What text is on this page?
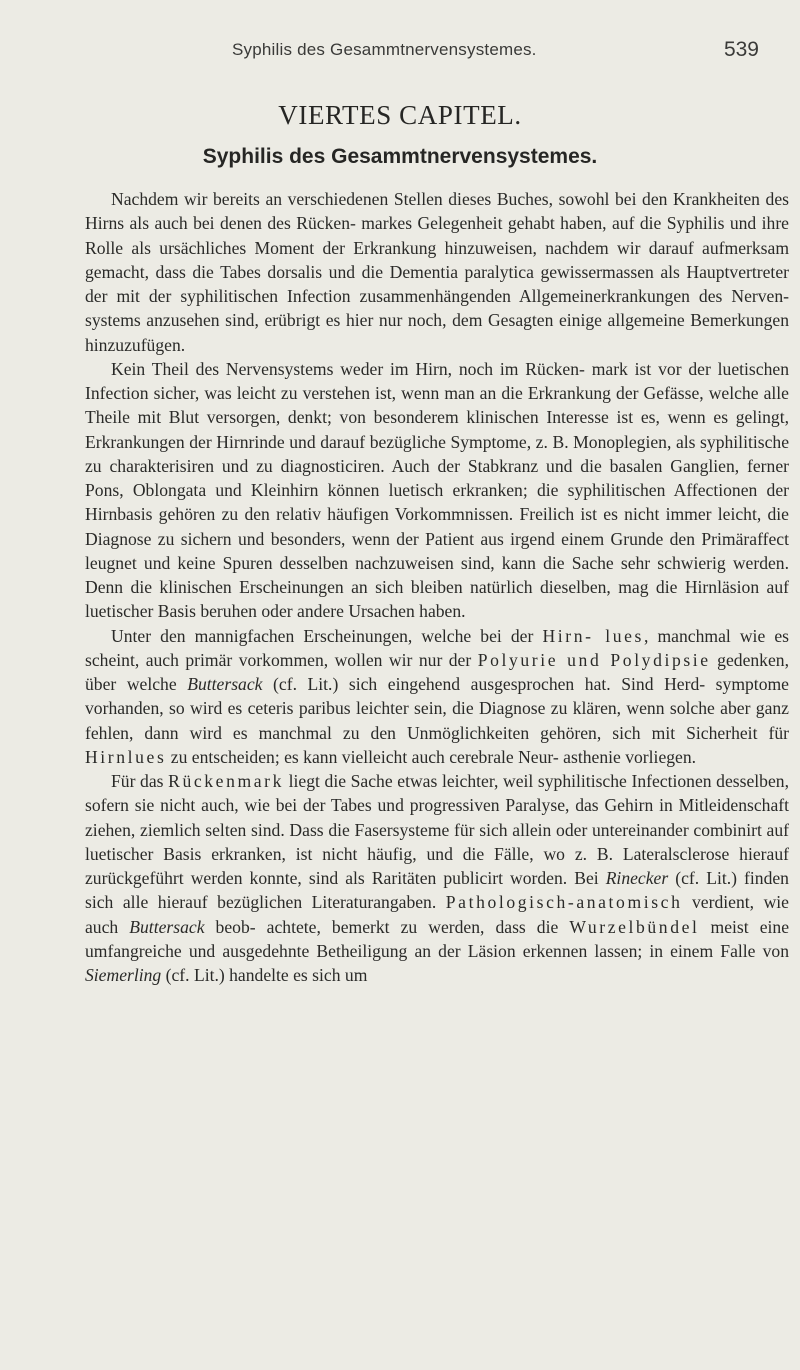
Syphilis des Gesammtnervensystemes.	539
VIERTES CAPITEL.
Syphilis des Gesammtnervensystemes.

Nachdem wir bereits an verschiedenen Stellen dieses Buches, sowohl bei den Krankheiten des Hirns als auch bei denen des Rücken- markes Gelegenheit gehabt haben, auf die Syphilis und ihre Rolle als ursächliches Moment der Erkrankung hinzuweisen, nachdem wir darauf aufmerksam gemacht, dass die Tabes dorsalis und die Dementia paralytica gewissermassen als Hauptvertreter der mit der syphilitischen Infection zusammenhängenden Allgemeinerkrankungen des Nerven- systems anzusehen sind, erübrigt es hier nur noch, dem Gesagten einige allgemeine Bemerkungen hinzuzufügen.

Kein Theil des Nervensystems weder im Hirn, noch im Rücken- mark ist vor der luetischen Infection sicher, was leicht zu verstehen ist, wenn man an die Erkrankung der Gefässe, welche alle Theile mit Blut versorgen, denkt; von besonderem klinischen Interesse ist es, wenn es gelingt, Erkrankungen der Hirnrinde und darauf bezügliche Symptome, z. B. Monoplegien, als syphilitische zu charakterisiren und zu diagnosticiren. Auch der Stabkranz und die basalen Ganglien, ferner Pons, Oblongata und Kleinhirn können luetisch erkranken; die syphilitischen Affectionen der Hirnbasis gehören zu den relativ häufigen Vorkommnissen. Freilich ist es nicht immer leicht, die Diagnose zu sichern und besonders, wenn der Patient aus irgend einem Grunde den Primäraffect leugnet und keine Spuren desselben nachzuweisen sind, kann die Sache sehr schwierig werden. Denn die klinischen Erscheinungen an sich bleiben natürlich dieselben, mag die Hirnläsion auf luetischer Basis beruhen oder andere Ursachen haben.

Unter den mannigfachen Erscheinungen, welche bei der Hirn- lues, manchmal wie es scheint, auch primär vorkommen, wollen wir nur der Polyurie und Polydipsie gedenken, über welche Buttersack (cf. Lit.) sich eingehend ausgesprochen hat. Sind Herd- symptome vorhanden, so wird es ceteris paribus leichter sein, die Diagnose zu klären, wenn solche aber ganz fehlen, dann wird es manchmal zu den Unmöglichkeiten gehören, sich mit Sicherheit für Hirnlues zu entscheiden; es kann vielleicht auch cerebrale Neur- asthenie vorliegen.

Für das Rückenmark liegt die Sache etwas leichter, weil syphilitische Infectionen desselben, sofern sie nicht auch, wie bei der Tabes und progressiven Paralyse, das Gehirn in Mitleidenschaft ziehen, ziemlich selten sind. Dass die Fasersysteme für sich allein oder untereinander combinirt auf luetischer Basis erkranken, ist nicht häufig, und die Fälle, wo z. B. Lateralsclerose hierauf zurückgeführt werden konnte, sind als Raritäten publicirt worden. Bei Rinecker (cf. Lit.) finden sich alle hierauf bezüglichen Literaturangaben. Pathologisch-anatomisch verdient, wie auch Buttersack beob- achtete, bemerkt zu werden, dass die Wurzelbündel meist eine umfangreiche und ausgedehnte Betheiligung an der Läsion erkennen lassen; in einem Falle von Siemerling (cf. Lit.) handelte es sich um
